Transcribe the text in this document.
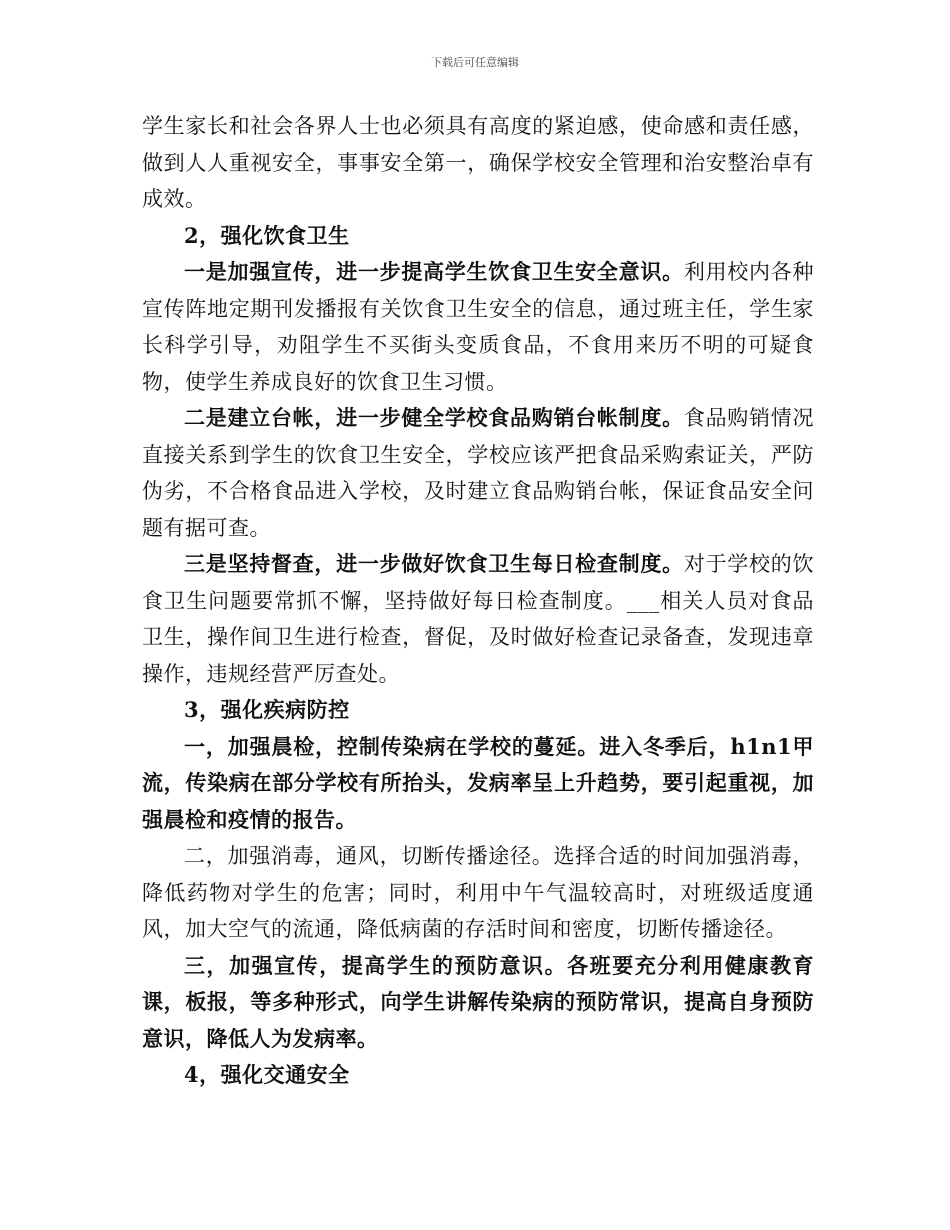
下载后可任意编辑

学生家长和社会各界人士也必须具有高度的紧迫感，使命感和责任感，做到人人重视安全，事事安全第一，确保学校安全管理和治安整治卓有成效。

2，强化饮食卫生

一是加强宣传，进一步提高学生饮食卫生安全意识。利用校内各种宣传阵地定期刊发播报有关饮食卫生安全的信息，通过班主任，学生家长科学引导，劝阻学生不买街头变质食品，不食用来历不明的可疑食物，使学生养成良好的饮食卫生习惯。

二是建立台帐，进一步健全学校食品购销台帐制度。食品购销情况直接关系到学生的饮食卫生安全，学校应该严把食品采购索证关，严防伪劣，不合格食品进入学校，及时建立食品购销台帐，保证食品安全问题有据可查。

三是坚持督查，进一步做好饮食卫生每日检查制度。对于学校的饮食卫生问题要常抓不懈，坚持做好每日检查制度。___相关人员对食品卫生，操作间卫生进行检查，督促，及时做好检查记录备查，发现违章操作，违规经营严厉查处。

3，强化疾病防控

一，加强晨检，控制传染病在学校的蔓延。进入冬季后，h1n1甲流，传染病在部分学校有所抬头，发病率呈上升趋势，要引起重视，加强晨检和疫情的报告。

二，加强消毒，通风，切断传播途径。选择合适的时间加强消毒，降低药物对学生的危害；同时，利用中午气温较高时，对班级适度通风，加大空气的流通，降低病菌的存活时间和密度，切断传播途径。

三，加强宣传，提高学生的预防意识。各班要充分利用健康教育课，板报，等多种形式，向学生讲解传染病的预防常识，提高自身预防意识，降低人为发病率。

4，强化交通安全
